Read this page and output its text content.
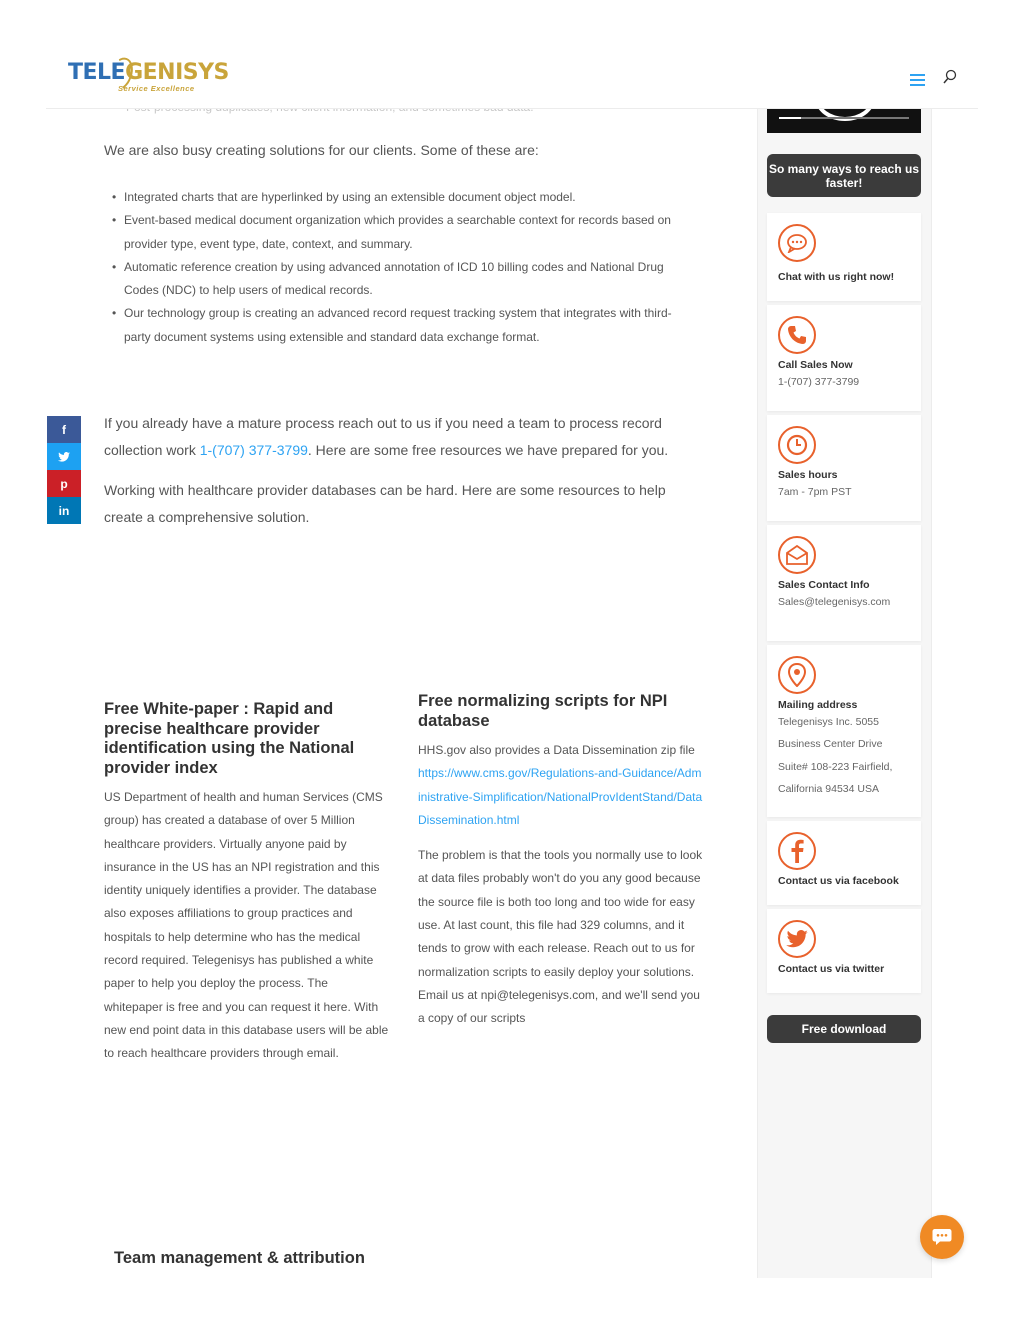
TELEGENISYS
Service Excellence

We are also busy creating solutions for our clients. Some of these are:

• Integrated charts that are hyperlinked by using an extensible document object model.
• Event-based medical document organization which provides a searchable context for records based on provider type, event type, date, context, and summary.
• Automatic reference creation by using advanced annotation of ICD 10 billing codes and National Drug Codes (NDC) to help users of medical records.
• Our technology group is creating an advanced record request tracking system that integrates with third-party document systems using extensible and standard data exchange format.

If you already have a mature process reach out to us if you need a team to process record collection work 1-(707) 377-3799. Here are some free resources we have prepared for you.

Working with healthcare provider databases can be hard. Here are some resources to help create a comprehensive solution.

Free White-paper : Rapid and precise healthcare provider identification using the National provider index
US Department of health and human Services (CMS group) has created a database of over 5 Million healthcare providers. Virtually anyone paid by insurance in the US has an NPI registration and this identity uniquely identifies a provider. The database also exposes affiliations to group practices and hospitals to help determine who has the medical record required. Telegenisys has published a white paper to help you deploy the process. The whitepaper is free and you can request it here. With new end point data in this database users will be able to reach healthcare providers through email.
Free normalizing scripts for NPI database
HHS.gov also provides a Data Dissemination zip file

https://www.cms.gov/Regulations-and-Guidance/Administrative-Simplification/NationalProvIdentStand/DataDissemination.html

The problem is that the tools you normally use to look at data files probably won't do you any good because the source file is both too long and too wide for easy use. At last count, this file had 329 columns, and it tends to grow with each release. Reach out to us for normalization scripts to easily deploy your solutions. Email us at npi@telegenisys.com, and we'll send you a copy of our scripts
Team management & attribution
f
p
in
So many ways to reach us faster!
Chat with us right now!
Call Sales Now
1-(707) 377-3799
Sales hours
7am - 7pm PST
Sales Contact Info
Sales@telegenisys.com
Mailing address
Telegenisys Inc. 5055 Business Center Drive Suite# 108-223 Fairfield, California 94534 USA
Contact us via facebook
Contact us via twitter
Free download
